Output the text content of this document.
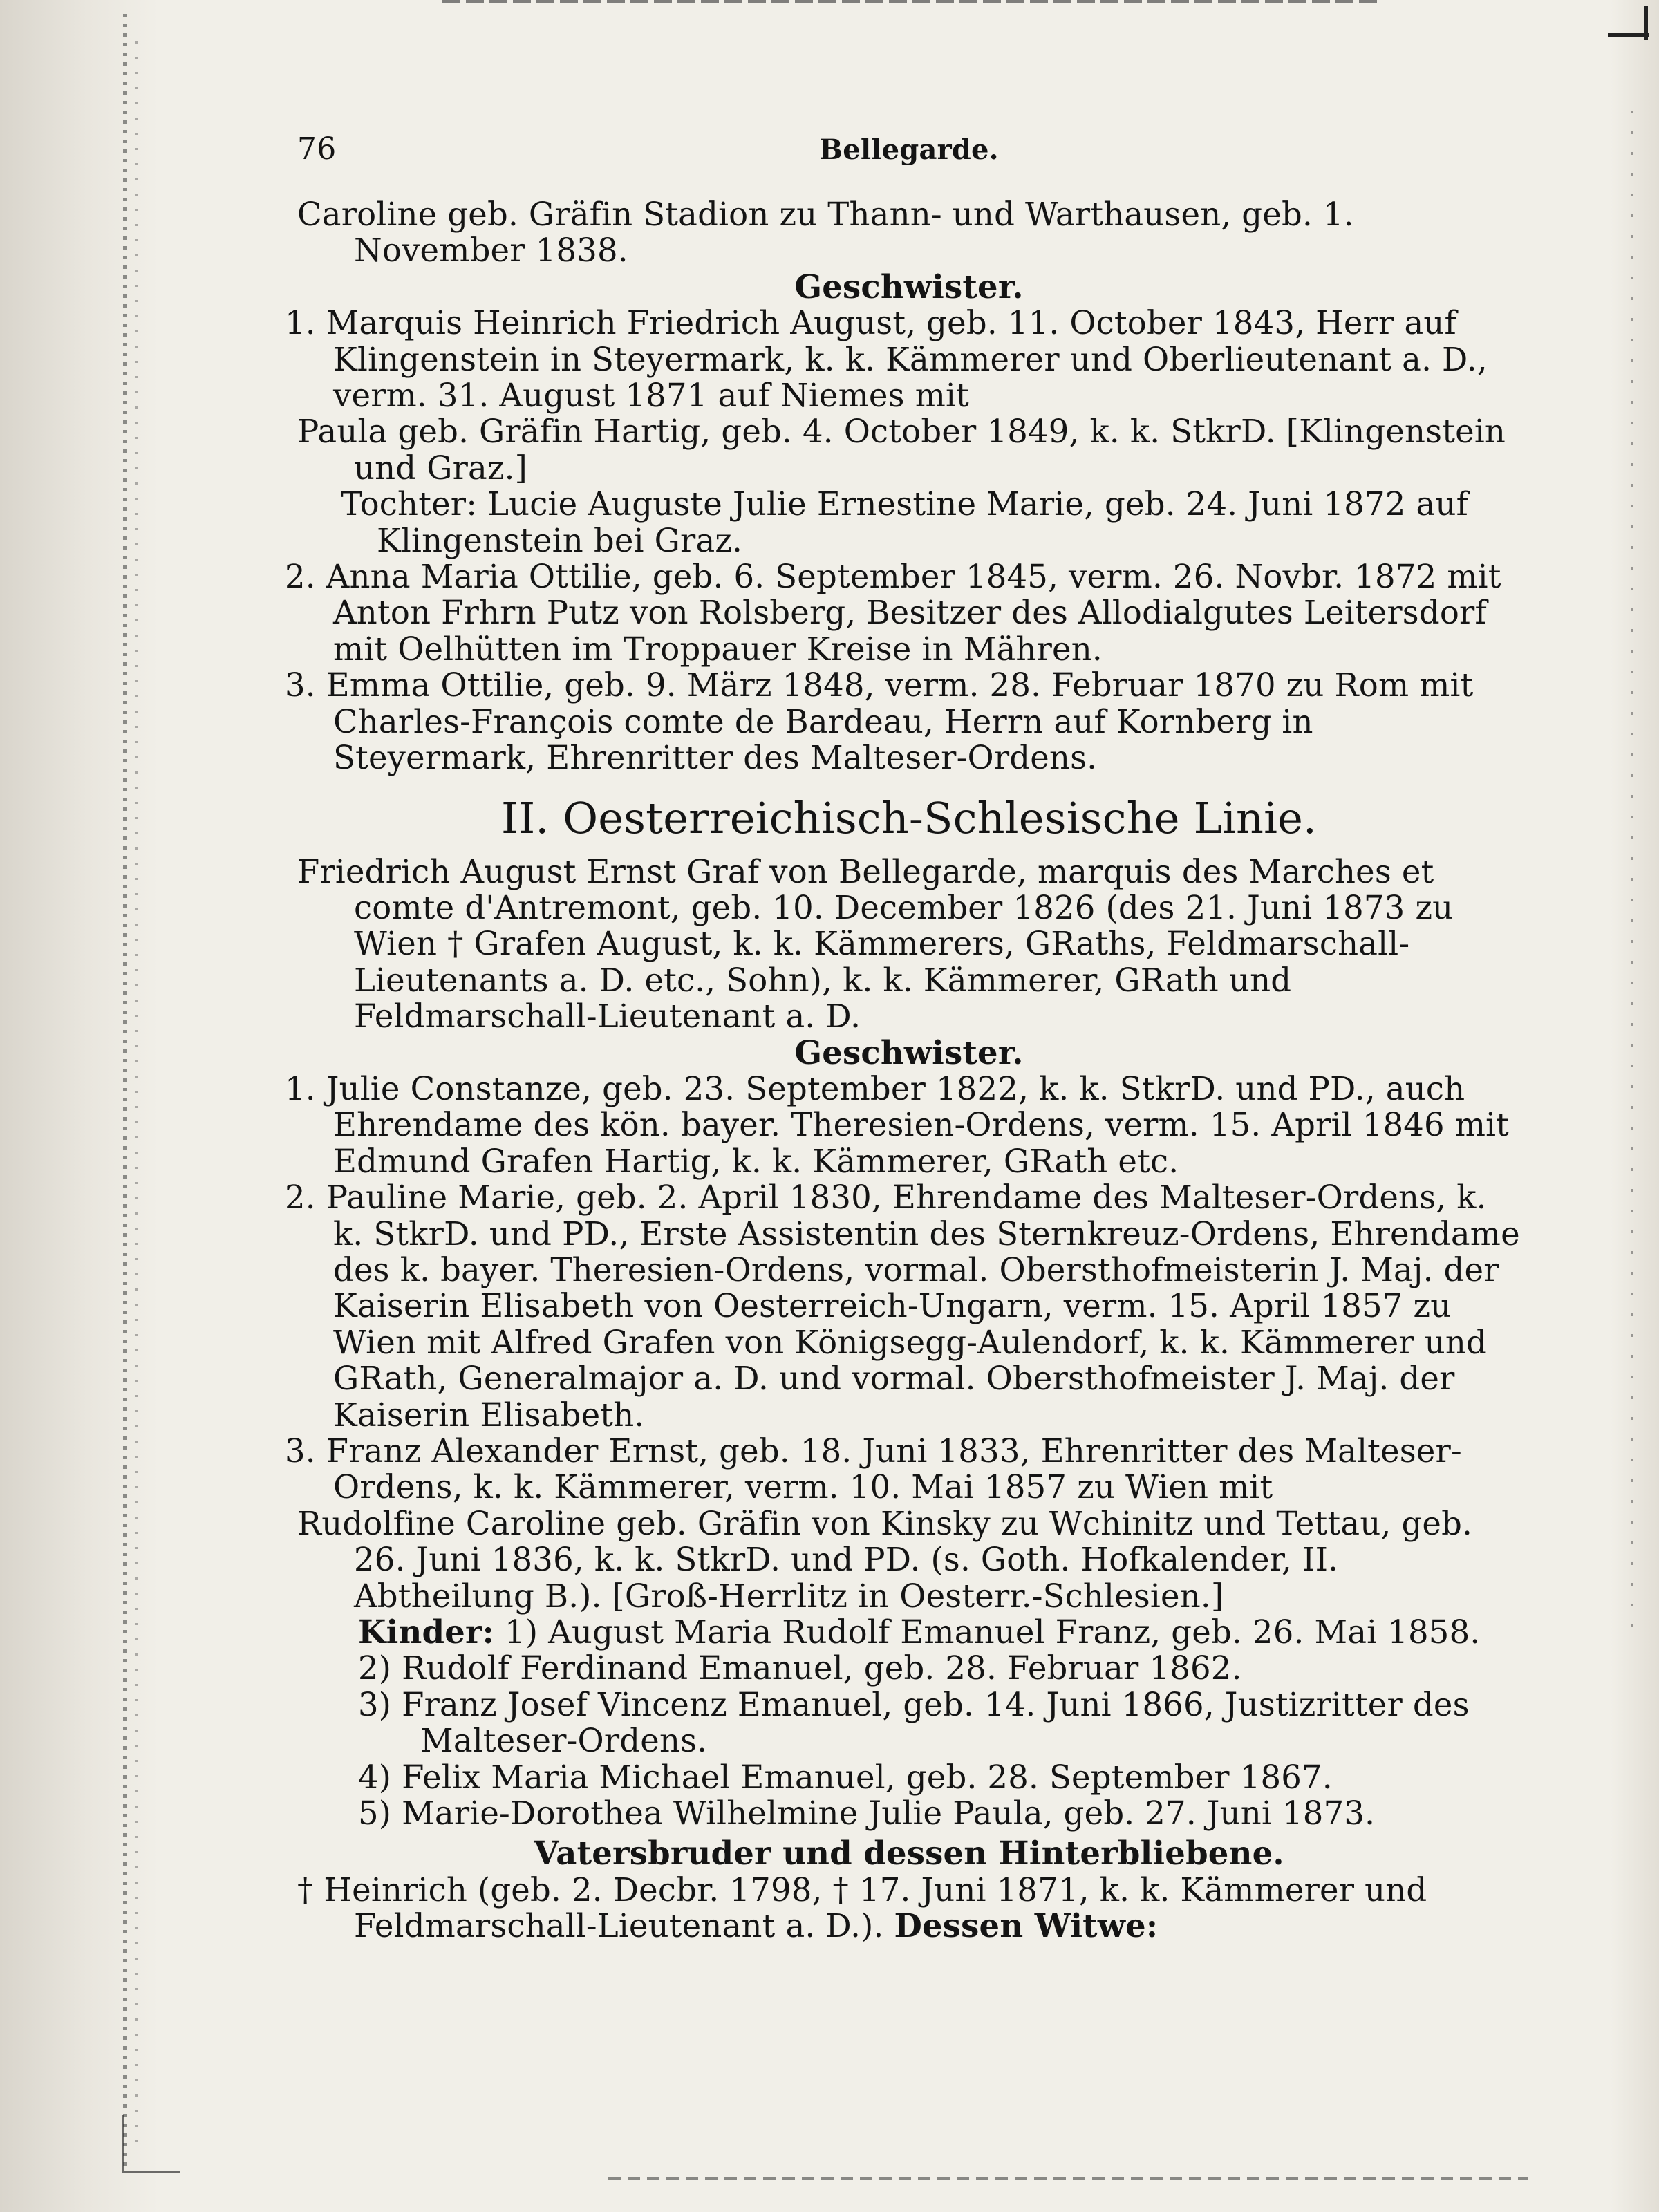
76	Bellegarde.

Caroline geb. Gräfin Stadion zu Thann- und Warthausen, geb. 1. November 1838.

Geschwister.

1. Marquis Heinrich Friedrich August, geb. 11. October 1843, Herr auf Klingenstein in Steyermark, k. k. Kämmerer und Oberlieutenant a. D., verm. 31. August 1871 auf Niemes mit

Paula geb. Gräfin Hartig, geb. 4. October 1849, k. k. StkrD. [Klingenstein und Graz.]

Tochter: Lucie Auguste Julie Ernestine Marie, geb. 24. Juni 1872 auf Klingenstein bei Graz.

2. Anna Maria Ottilie, geb. 6. September 1845, verm. 26. Novbr. 1872 mit Anton Frhrn Putz von Rolsberg, Besitzer des Allodialgutes Leitersdorf mit Oelhütten im Troppauer Kreise in Mähren.

3. Emma Ottilie, geb. 9. März 1848, verm. 28. Februar 1870 zu Rom mit Charles-François comte de Bardeau, Herrn auf Kornberg in Steyermark, Ehrenritter des Malteser-Ordens.

II. Oesterreichisch-Schlesische Linie.

Friedrich August Ernst Graf von Bellegarde, marquis des Marches et comte d'Antremont, geb. 10. December 1826 (des 21. Juni 1873 zu Wien † Grafen August, k. k. Kämmerers, GRaths, Feldmarschall-Lieutenants a. D. etc., Sohn), k. k. Kämmerer, GRath und Feldmarschall-Lieutenant a. D.

Geschwister.

1. Julie Constanze, geb. 23. September 1822, k. k. StkrD. und PD., auch Ehrendame des kön. bayer. Theresien-Ordens, verm. 15. April 1846 mit Edmund Grafen Hartig, k. k. Kämmerer, GRath etc.

2. Pauline Marie, geb. 2. April 1830, Ehrendame des Malteser-Ordens, k. k. StkrD. und PD., Erste Assistentin des Sternkreuz-Ordens, Ehrendame des k. bayer. Theresien-Ordens, vormal. Obersthofmeisterin J. Maj. der Kaiserin Elisabeth von Oesterreich-Ungarn, verm. 15. April 1857 zu Wien mit Alfred Grafen von Königsegg-Aulendorf, k. k. Kämmerer und GRath, Generalmajor a. D. und vormal. Obersthofmeister J. Maj. der Kaiserin Elisabeth.

3. Franz Alexander Ernst, geb. 18. Juni 1833, Ehrenritter des Malteser-Ordens, k. k. Kämmerer, verm. 10. Mai 1857 zu Wien mit

Rudolfine Caroline geb. Gräfin von Kinsky zu Wchinitz und Tettau, geb. 26. Juni 1836, k. k. StkrD. und PD. (s. Goth. Hofkalender, II. Abtheilung B.). [Groß-Herrlitz in Oesterr.-Schlesien.]

Kinder: 1) August Maria Rudolf Emanuel Franz, geb. 26. Mai 1858.

2) Rudolf Ferdinand Emanuel, geb. 28. Februar 1862.

3) Franz Josef Vincenz Emanuel, geb. 14. Juni 1866, Justizritter des Malteser-Ordens.

4) Felix Maria Michael Emanuel, geb. 28. September 1867.

5) Marie-Dorothea Wilhelmine Julie Paula, geb. 27. Juni 1873.

Vatersbruder und dessen Hinterbliebene.

† Heinrich (geb. 2. Decbr. 1798, † 17. Juni 1871, k. k. Kämmerer und Feldmarschall-Lieutenant a. D.). Dessen Witwe:
